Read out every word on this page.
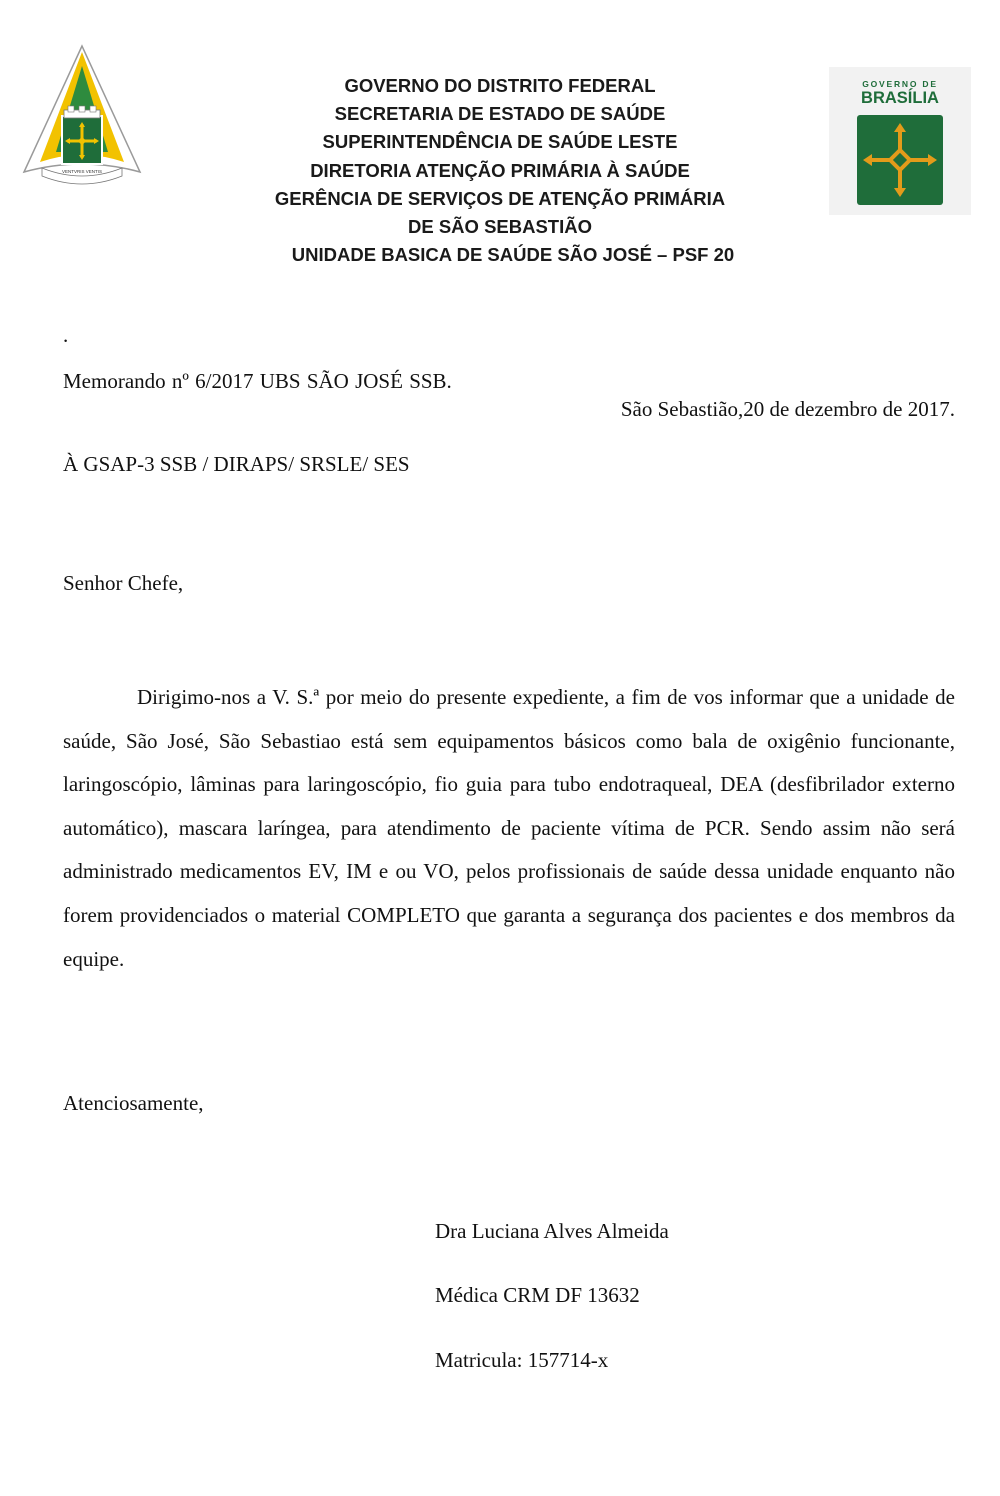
VENTVRIS VENTIS
GOVERNO DO DISTRITO FEDERAL
SECRETARIA DE ESTADO DE SAÚDE
SUPERINTENDÊNCIA DE SAÚDE LESTE
DIRETORIA ATENÇÃO PRIMÁRIA À SAÚDE
GERÊNCIA DE SERVIÇOS DE ATENÇÃO PRIMÁRIA
DE SÃO SEBASTIÃO
UNIDADE BASICA DE SAÚDE SÃO JOSÉ – PSF 20
GOVERNO DE
BRASÍLIA
.
Memorando nº 6/2017 UBS SÃO JOSÉ SSB.
São Sebastião,20 de dezembro de 2017.
À GSAP-3 SSB / DIRAPS/ SRSLE/ SES
Senhor Chefe,
Dirigimo-nos a V. S.ª por meio do presente expediente, a fim de vos informar que a unidade de saúde, São José, São Sebastiao está sem equipamentos básicos como bala de oxigênio funcionante, laringoscópio, lâminas para laringoscópio, fio guia para tubo endotraqueal, DEA (desfibrilador externo automático), mascara laríngea, para atendimento de paciente vítima de PCR. Sendo assim não será administrado medicamentos EV, IM e ou VO, pelos profissionais de saúde dessa unidade enquanto não forem providenciados o material COMPLETO que garanta a segurança dos pacientes e dos membros da equipe.
Atenciosamente,
Dra Luciana Alves Almeida
Médica CRM DF 13632
Matricula: 157714-x
